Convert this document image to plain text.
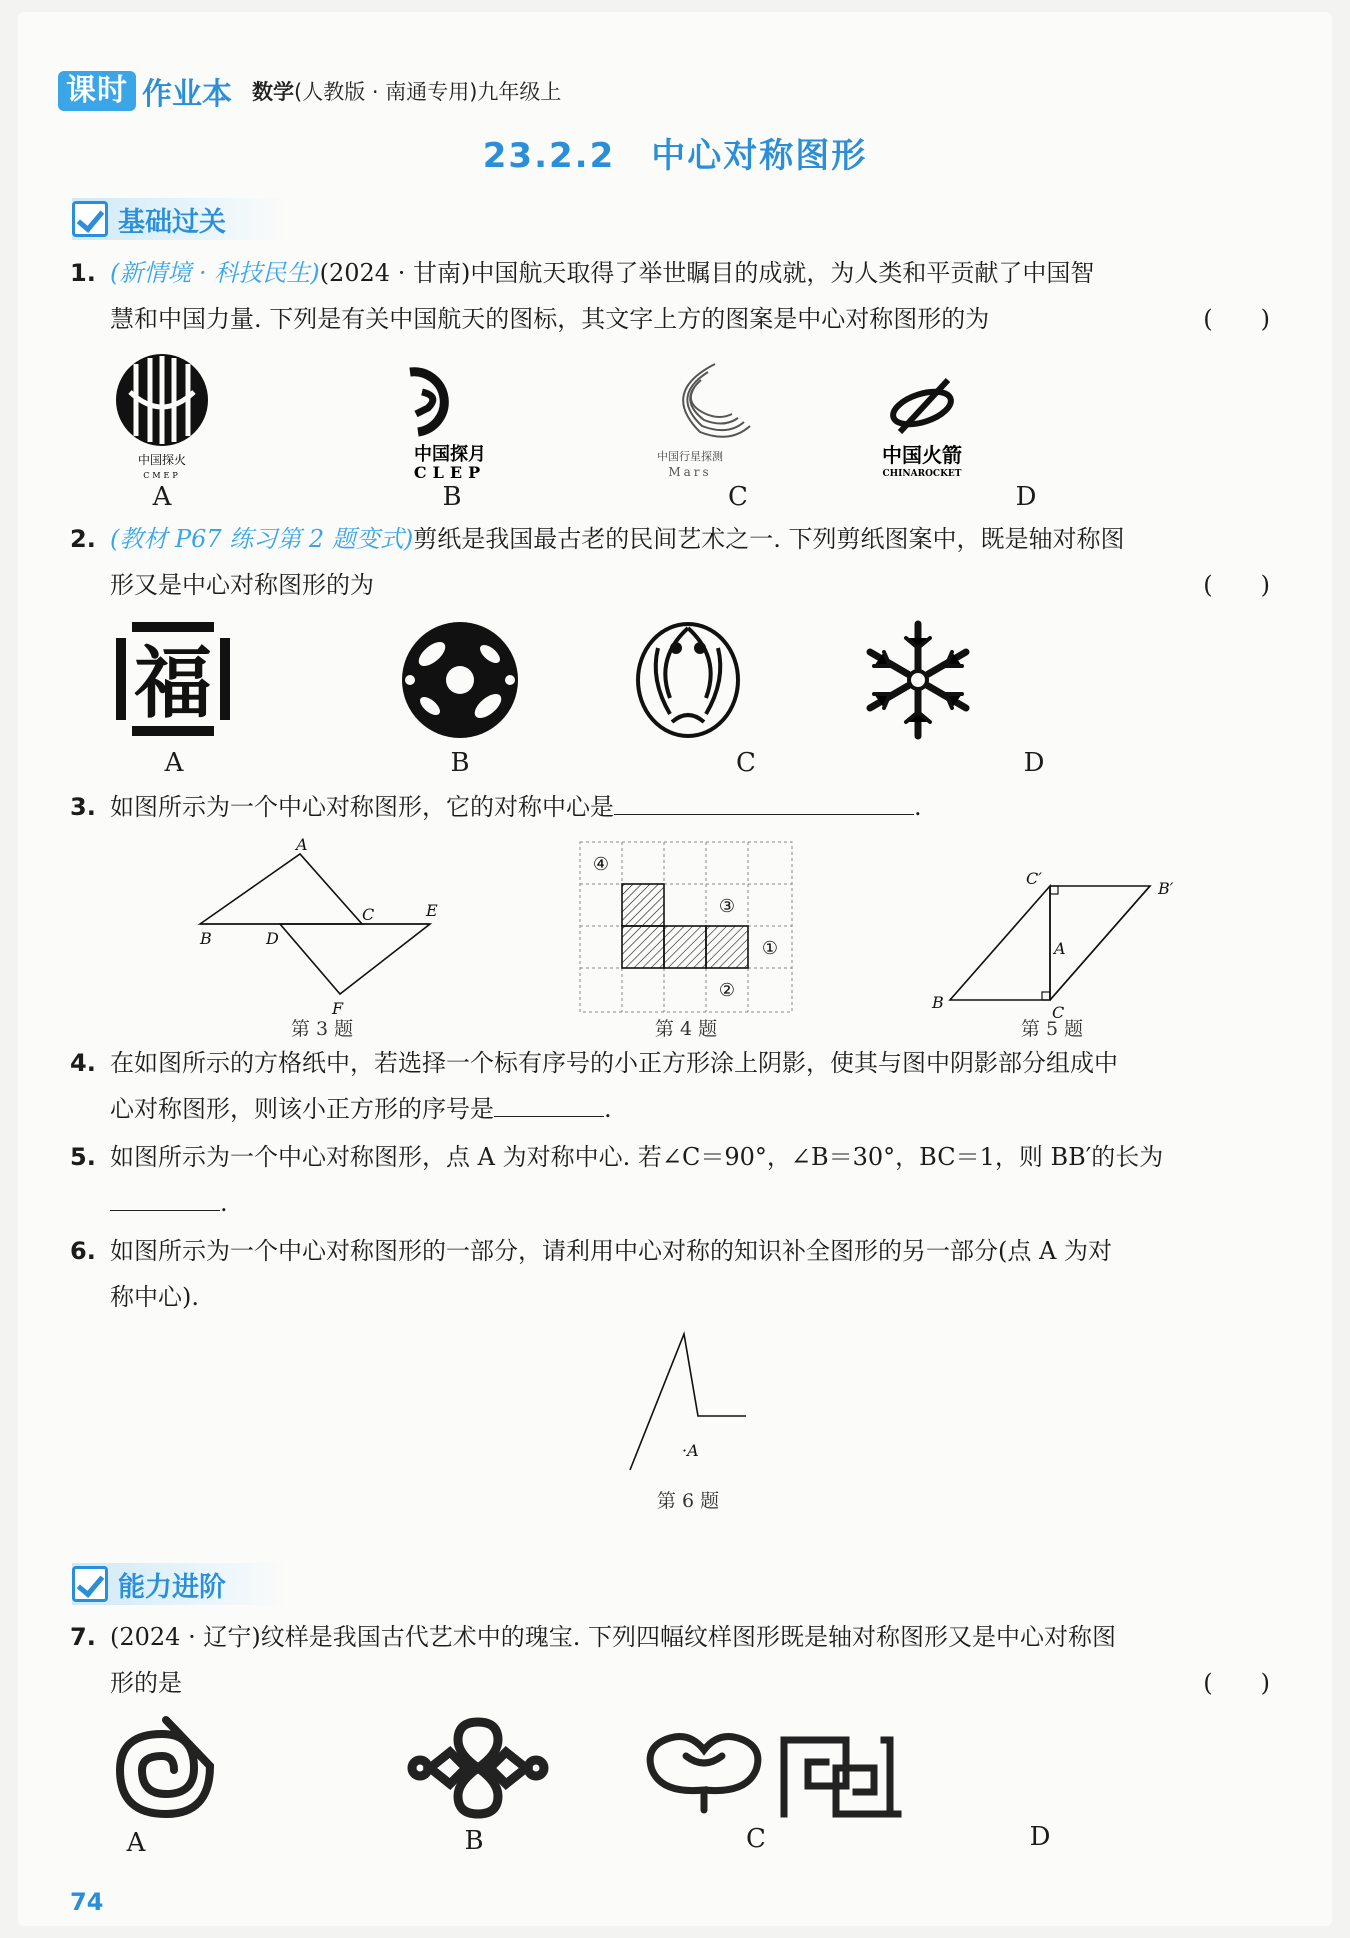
课时 作业本 数学(人教版 · 南通专用)九年级上
23.2.2　中心对称图形
基础过关
1. (新情境 · 科技民生)(2024 · 甘南)中国航天取得了举世瞩目的成就，为人类和平贡献了中国智
慧和中国力量. 下列是有关中国航天的图标，其文字上方的图案是中心对称图形的为	(　　)
中国探火
CMEP
中国探月
CLEP
中国行星探测
Mars
中国火箭
CHINAROCKET
A	B	C	D
2. (教材 P67 练习第 2 题变式)剪纸是我国最古老的民间艺术之一. 下列剪纸图案中，既是轴对称图
形又是中心对称图形的为	(　　)
福
A	B	C	D
3. 如图所示为一个中心对称图形，它的对称中心是	.
A
B
C
D
E
F
④
③
①
②
B
C
A
B′
C′
第 3 题	第 4 题	第 5 题
4. 在如图所示的方格纸中，若选择一个标有序号的小正方形涂上阴影，使其与图中阴影部分组成中
心对称图形，则该小正方形的序号是	.
5. 如图所示为一个中心对称图形，点 A 为对称中心. 若∠C＝90°，∠B＝30°，BC＝1，则 BB′的长为
.
6. 如图所示为一个中心对称图形的一部分，请利用中心对称的知识补全图形的另一部分(点 A 为对
称中心).
·A
第 6 题
能力进阶
7. (2024 · 辽宁)纹样是我国古代艺术中的瑰宝. 下列四幅纹样图形既是轴对称图形又是中心对称图
形的是	(　　)
A	B	C	D
74
